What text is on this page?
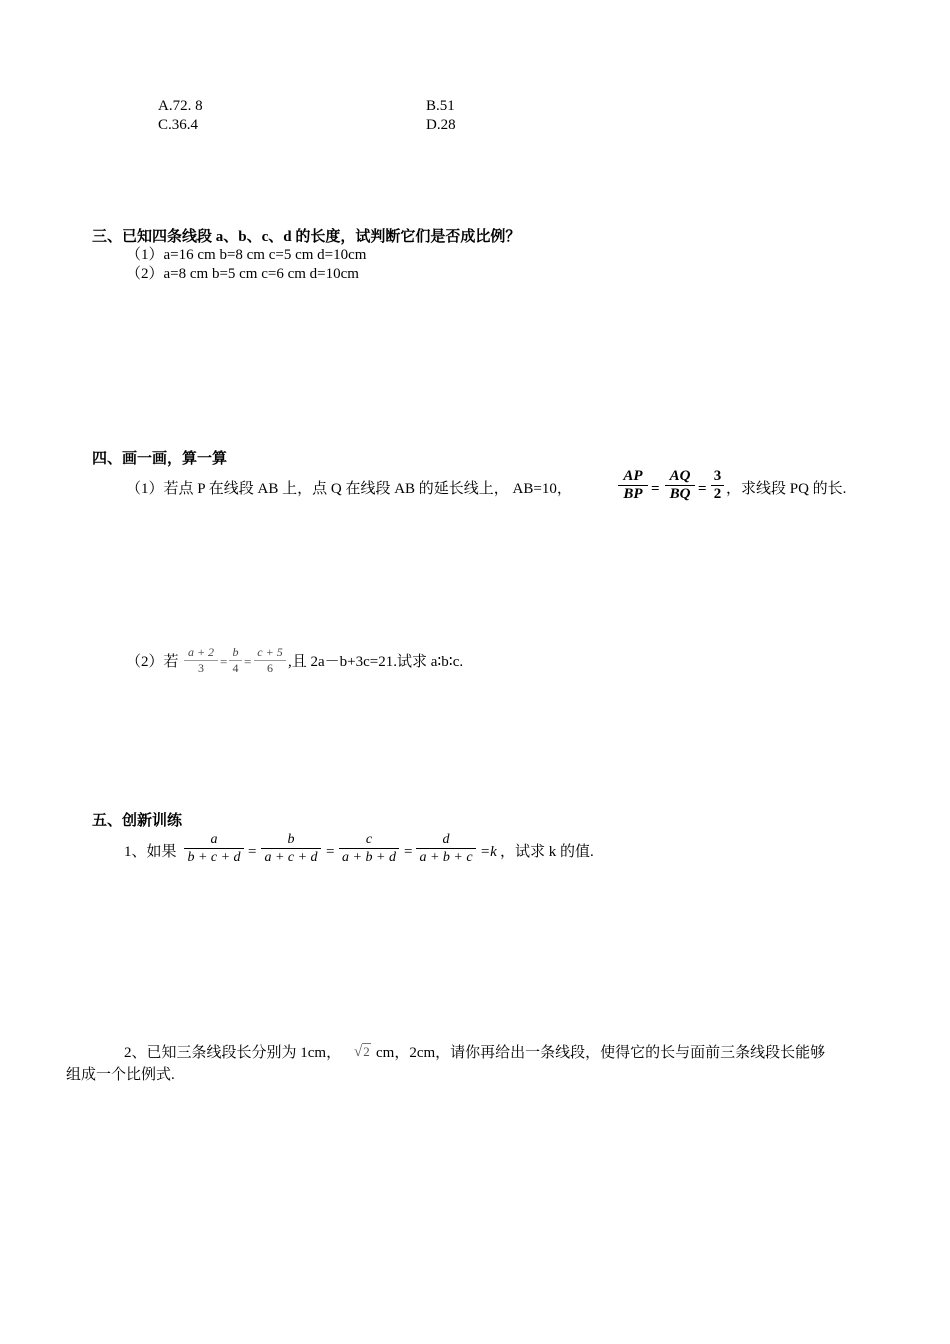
A.72. 8	B.51
C.36.4	D.28
三、已知四条线段 a、b、c、d 的长度，试判断它们是否成比例？
（1）a=16 cm b=8 cm c=5 cm d=10cm
（2）a=8 cm b=5 cm c=6 cm d=10cm
四、画一画，算一算
（1）若点 P 在线段 AB 上，点 Q 在线段 AB 的延长线上， AB=10，
AP
BP =
AQ
BQ =
3
2 ，求线段 PQ 的长.
（2）若
a + 2
3	=
b
4 =
c + 5
6	,且 2a－b+3c=21.试求 a∶b∶c.
五、创新训练
1、如果
a
b + c + d =
b
a + c + d =
c
a + b + d =
d
a + b + c =k ，试求 k 的值.
2、已知三条线段长分别为 1cm， √2 cm，2cm，请你再给出一条线段，使得它的长与面前三条线段长能够
组成一个比例式.
